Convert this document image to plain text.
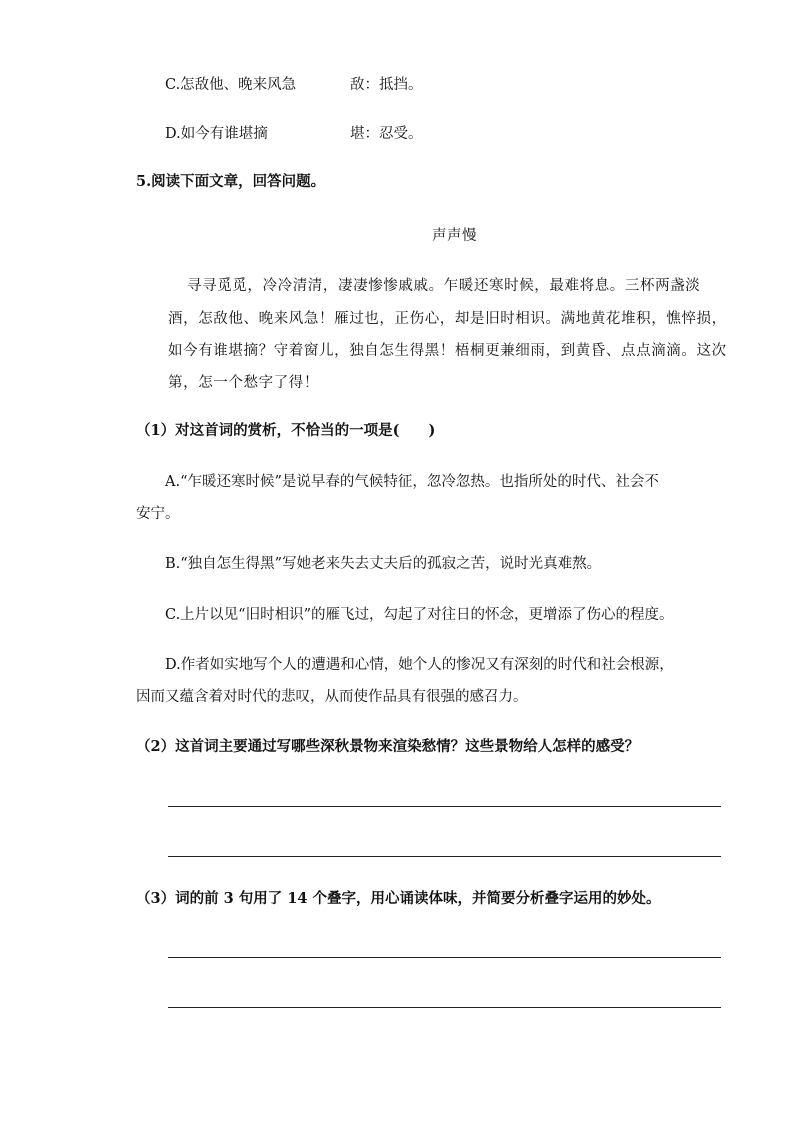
C.怎敌他、晚来风急	敌：抵挡。
D.如今有谁堪摘	堪：忍受。
5.阅读下面文章，回答问题。
声声慢
寻寻觅觅，冷冷清清，凄凄惨惨戚戚。乍暖还寒时候，最难将息。三杯两盏淡
酒，怎敌他、晚来风急！雁过也，正伤心，却是旧时相识。满地黄花堆积，憔悴损，
如今有谁堪摘？守着窗儿，独自怎生得黑！梧桐更兼细雨，到黄昏、点点滴滴。这次
第，怎一个愁字了得！
（1）对这首词的赏析，不恰当的一项是(　　)
A.“乍暖还寒时候”是说早春的气候特征，忽冷忽热。也指所处的时代、社会不
安宁。
B.“独自怎生得黑”写她老来失去丈夫后的孤寂之苦，说时光真难熬。
C.上片以见“旧时相识”的雁飞过，勾起了对往日的怀念，更增添了伤心的程度。
D.作者如实地写个人的遭遇和心情，她个人的惨况又有深刻的时代和社会根源，
因而又蕴含着对时代的悲叹，从而使作品具有很强的感召力。
（2）这首词主要通过写哪些深秋景物来渲染愁情？这些景物给人怎样的感受？
（3）词的前 3 句用了 14 个叠字，用心诵读体味，并简要分析叠字运用的妙处。
